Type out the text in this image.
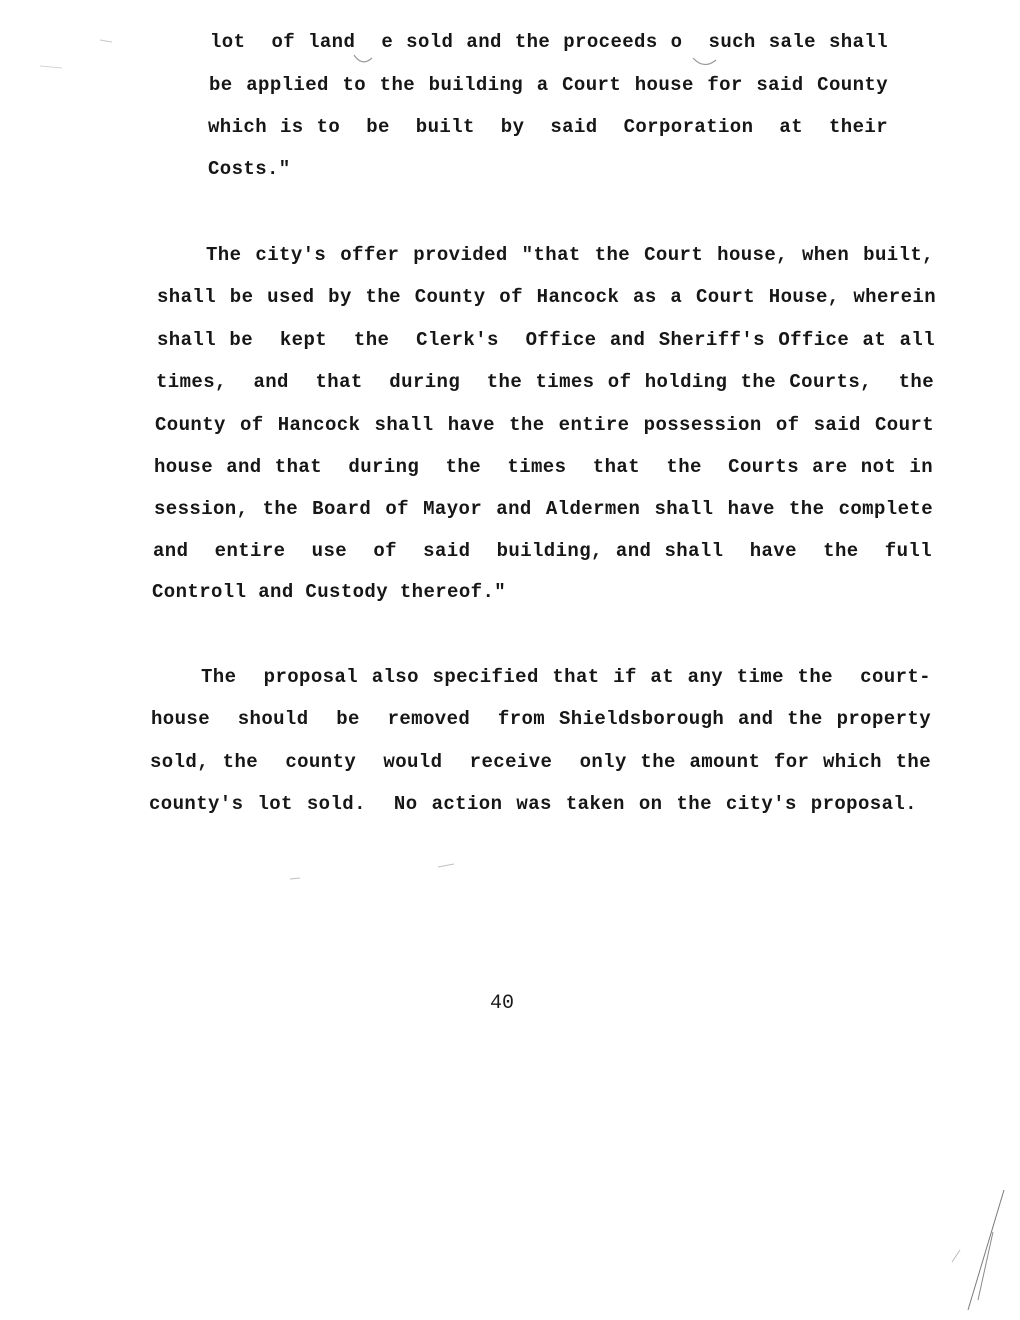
lot  of land  e sold and the proceeds o  such sale shall
be applied to the building a Court house for said County
which is to  be  built  by  said  Corporation  at  their
Costs."
The city's offer provided "that the Court house, when built,
shall be used by the County of Hancock as a Court House, wherein
shall be  kept  the  Clerk's  Office and Sheriff's Office at all
times,  and  that  during  the times of holding the Courts,  the
County of Hancock shall have the entire possession of said Court
house and that  during  the  times  that  the  Courts are not in
session, the Board of Mayor and Aldermen shall have the complete
and  entire  use  of  said  building, and shall  have  the  full
Controll and Custody thereof."
The  proposal also specified that if at any time the  court-
house  should  be  removed  from Shieldsborough and the property
sold, the  county  would  receive  only the amount for which the
county's lot sold.  No action was taken on the city's proposal.
40
